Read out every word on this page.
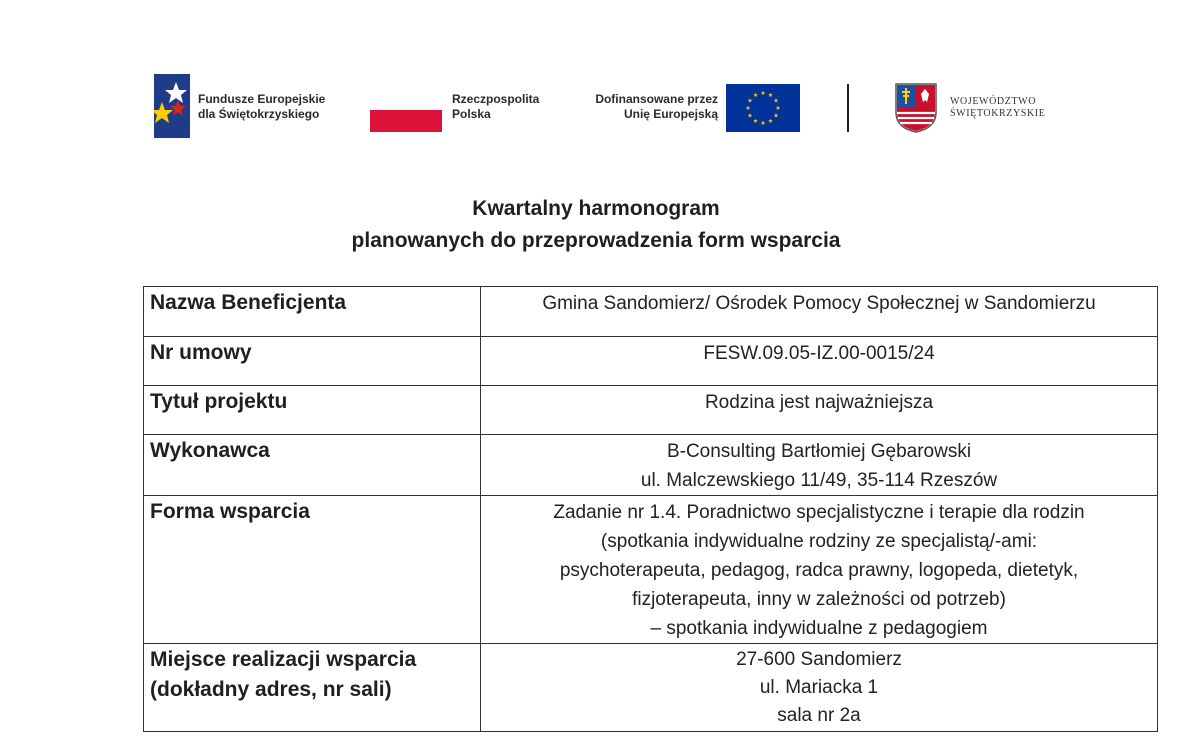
Fundusze Europejskie
dla Świętokrzyskiego
Rzeczpospolita
Polska
Dofinansowane przez
Unię Europejską
WOJEWÓDZTWO
ŚWIĘTOKRZYSKIE
Kwartalny harmonogram
planowanych do przeprowadzenia form wsparcia
Nazwa Beneficjenta	Gmina Sandomierz/ Ośrodek Pomocy Społecznej w Sandomierzu

Nr umowy	FESW.09.05-IZ.00-0015/24

Tytuł projektu	Rodzina jest najważniejsza

Wykonawca	B-Consulting Bartłomiej Gębarowski
ul. Malczewskiego 11/49, 35-114 Rzeszów

Forma wsparcia	Zadanie nr 1.4. Poradnictwo specjalistyczne i terapie dla rodzin
(spotkania indywidualne rodziny ze specjalistą/-ami:
psychoterapeuta, pedagog, radca prawny, logopeda, dietetyk,
fizjoterapeuta, inny w zależności od potrzeb)
– spotkania indywidualne z pedagogiem

Miejsce realizacji wsparcia
(dokładny adres, nr sali)	27-600 Sandomierz
ul. Mariacka 1
sala nr 2a
